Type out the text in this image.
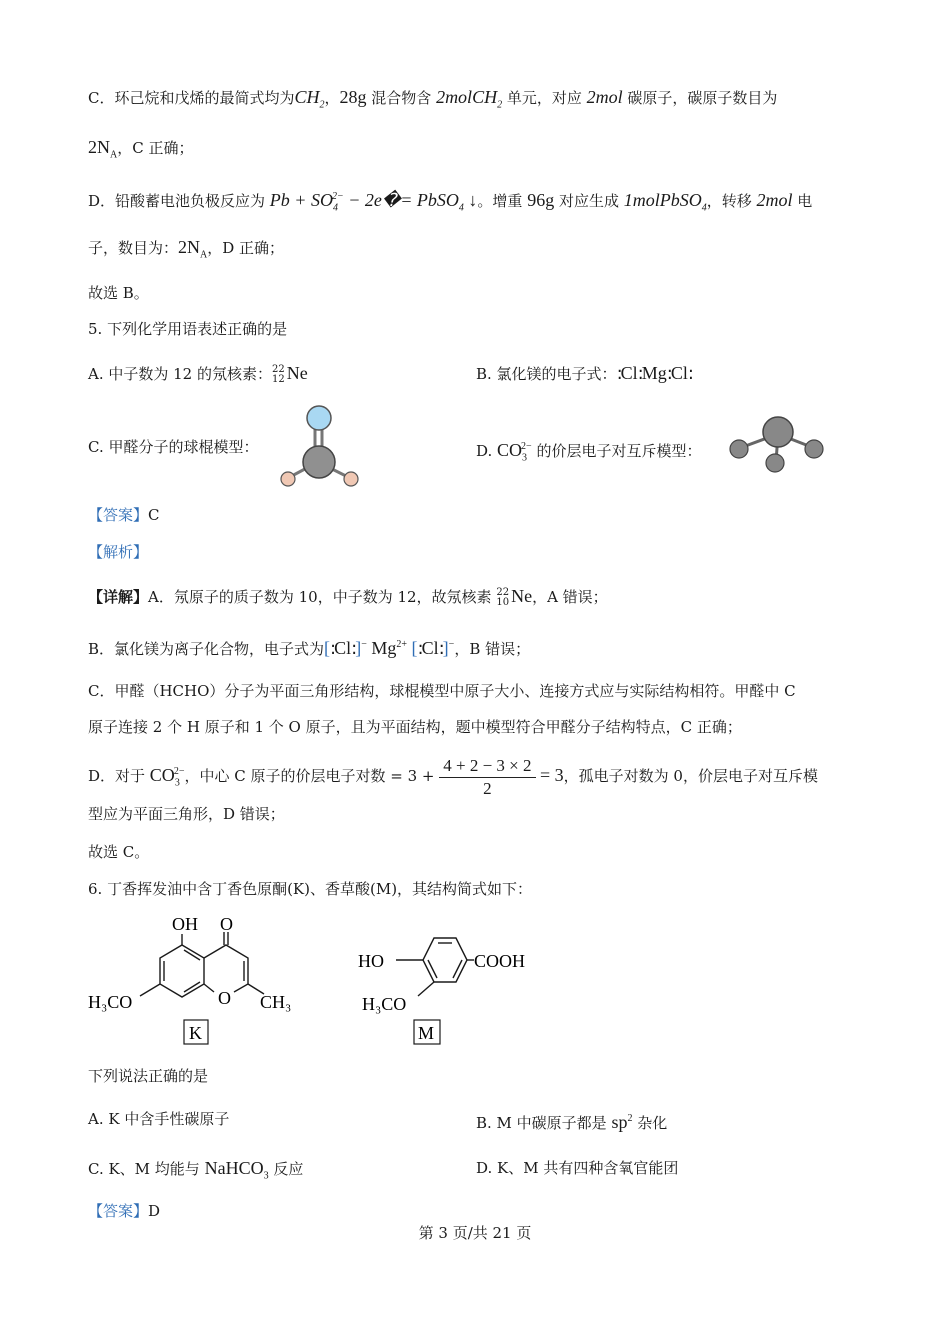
C．环己烷和戊烯的最简式均为$CH_2$，28g 混合物含 2molCH$_2$ 单元，对应 2mol 碳原子，碳原子数目为
$2N_A$，C 正确；
D．铅酸蓄电池负极反应为 $Pb + SO_4^{2-}$ − 2e�= PbSO$_4$ ↓。增重 96g 对应生成 1molPbSO$_4$，转移 2mol 电
子，数目为：$2N_A$，D 正确；
故选 B。
5. 下列化学用语表述正确的是
A. 中子数为 12 的氖核素：22
12 Ne	B. 氯化镁的电子式：:Cl:Mg:Cl:
C. 甲醛分子的球棍模型：	D. $CO_3^{2-}$ 的价层电子对互斥模型：
【答案】C
【解析】
【详解】A．氖原子的质子数为 10，中子数为 12，故氖核素 22
10 Ne，A 错误；
B．氯化镁为离子化合物，电子式为[:Cl:]− $Mg^{2+}$ [:Cl:]−，B 错误；
C．甲醛（HCHO）分子为平面三角形结构，球棍模型中原子大小、连接方式应与实际结构相符。甲醛中 C
原子连接 2 个 H 原子和 1 个 O 原子，且为平面结构，题中模型符合甲醛分子结构特点，C 正确；
D．对于 $CO_3^{2-}$，中心 C 原子的价层电子对数 = $3 + \frac{4 + 2 - 3 \times 2}{2} = 3$，孤电子对数为 0，价层电子对互斥模
型应为平面三角形，D 错误；
故选 C。
6. 丁香挥发油中含丁香色原酮(K)、香草酸(M)，其结构简式如下：
OH O
O
H₃CO	CH₃
K
HO	COOH
H₃CO
M
下列说法正确的是
A. K 中含手性碳原子	B. M 中碳原子都是 $sp^2$ 杂化
C. K、M 均能与 NaHCO$_3$ 反应	D. K、M 共有四种含氧官能团
【答案】D
第 3 页/共 21 页
